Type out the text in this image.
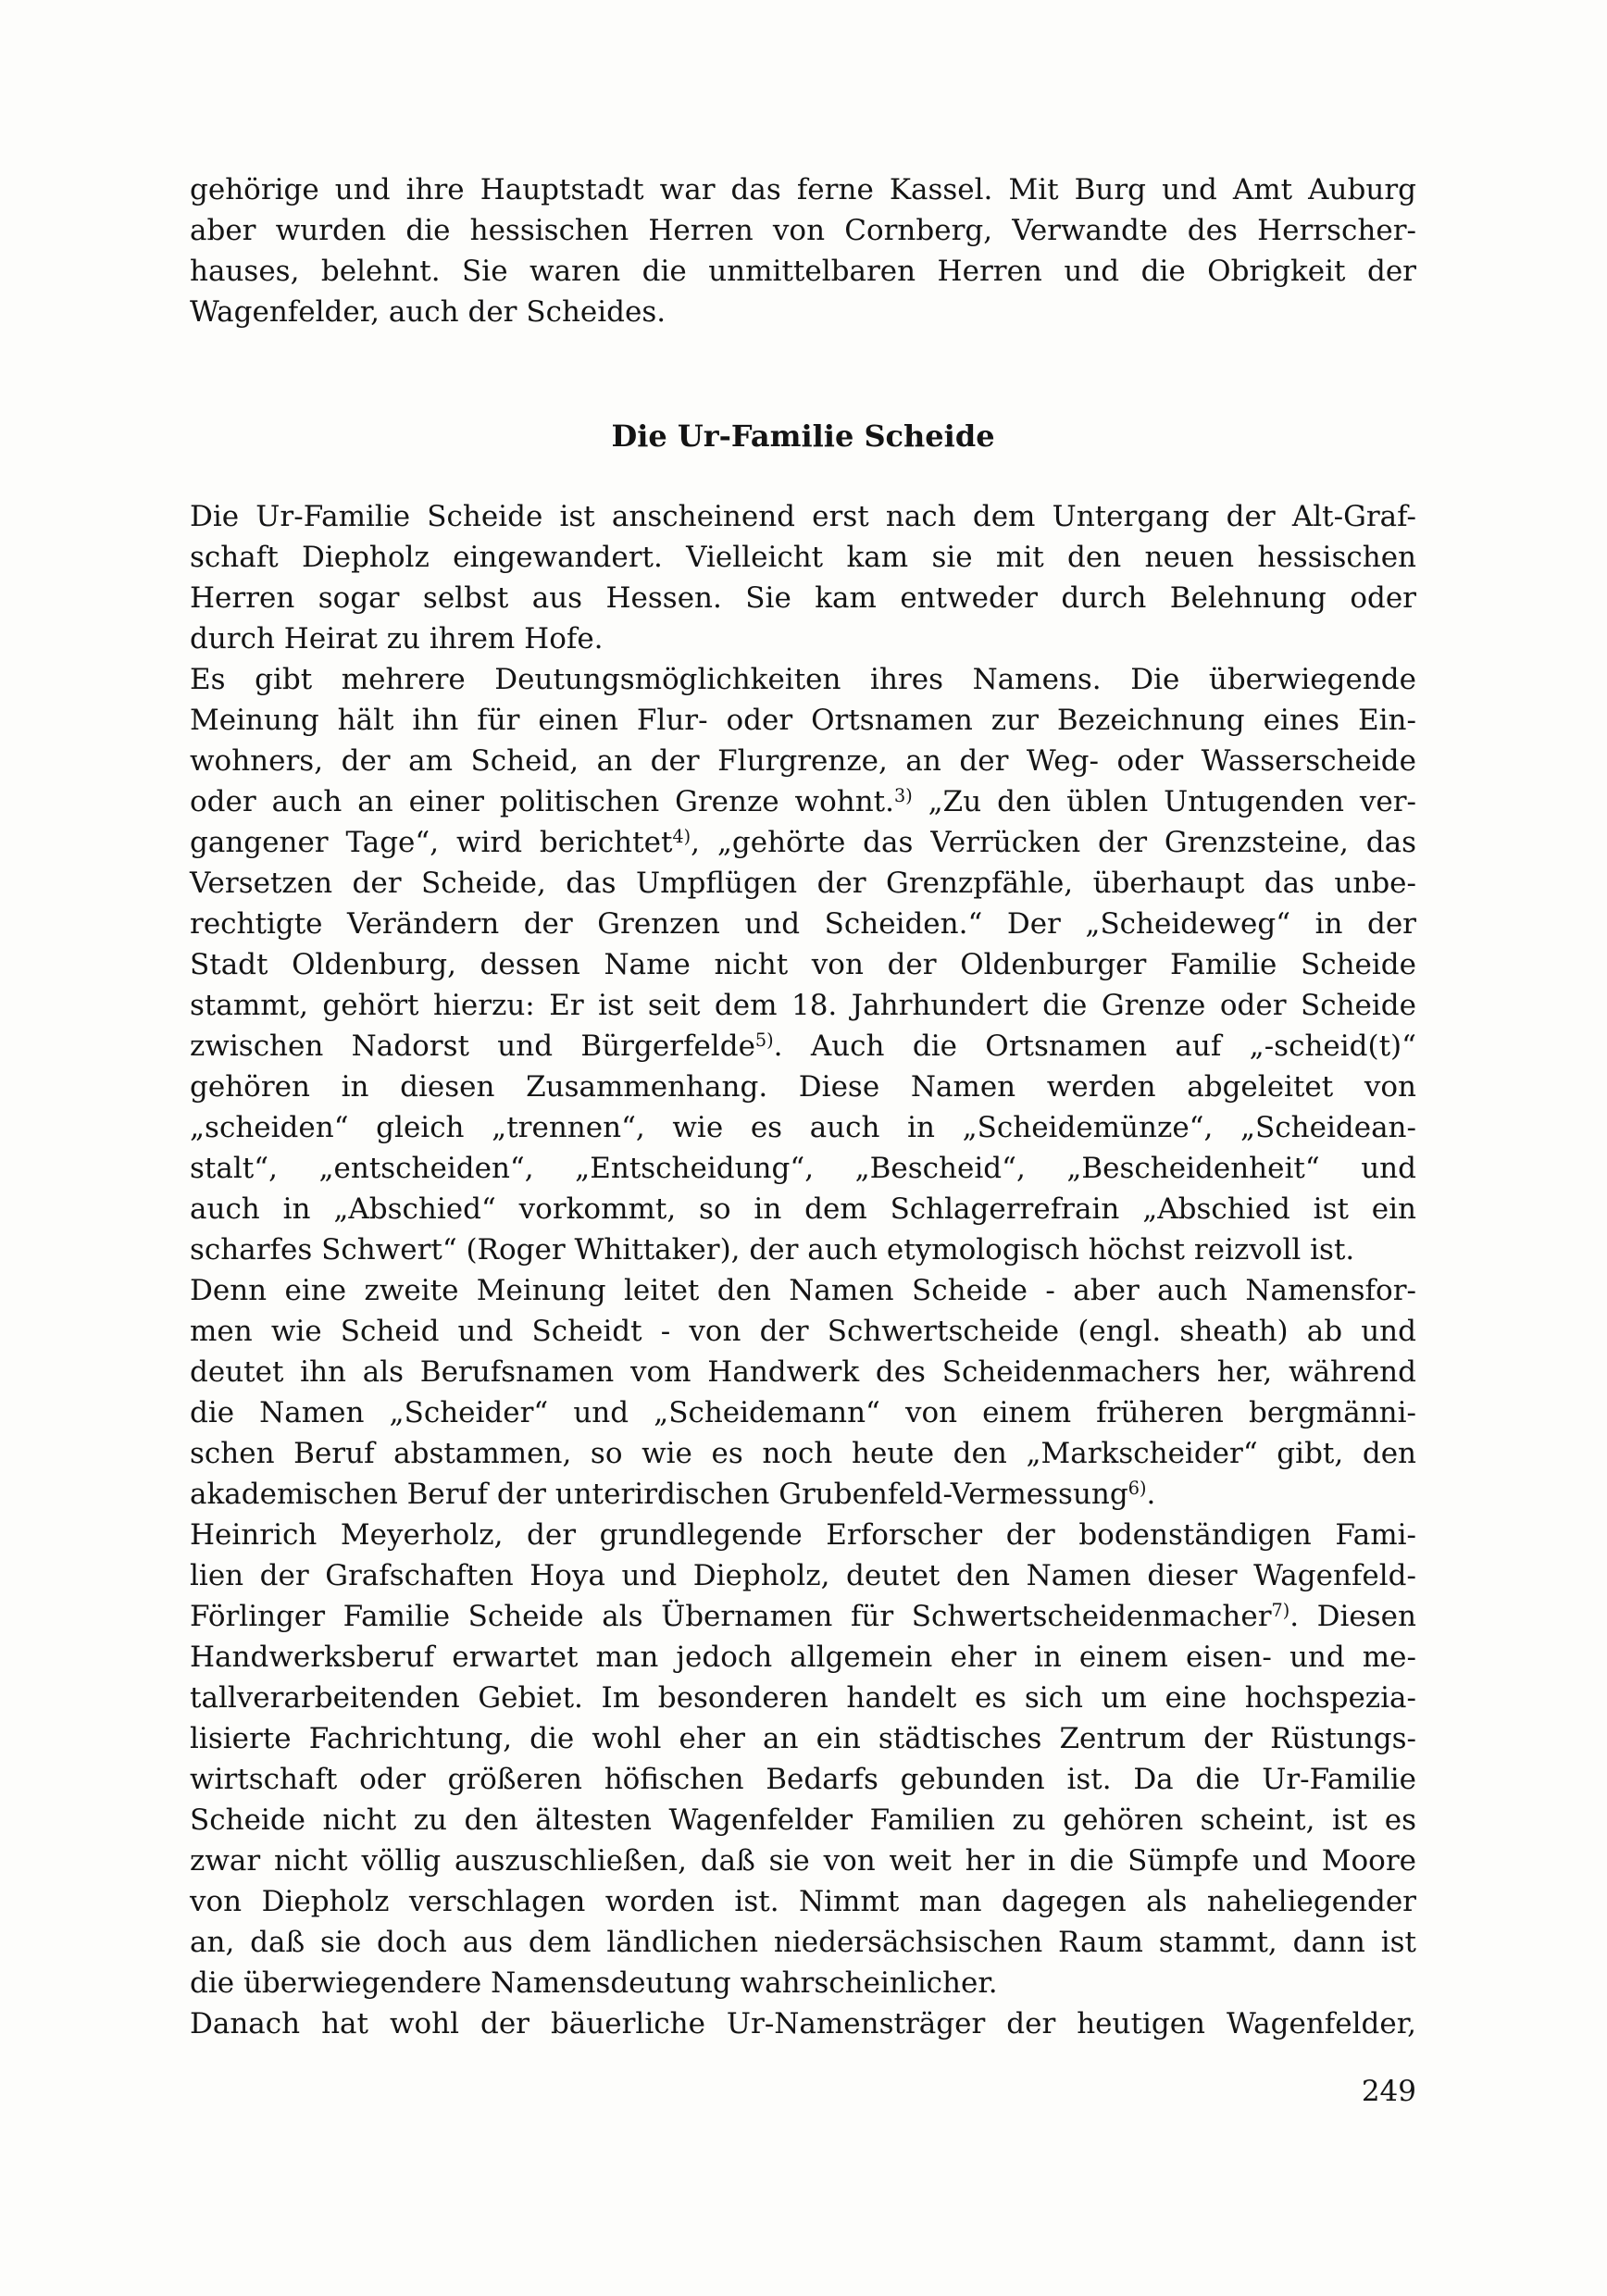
gehörige und ihre Hauptstadt war das ferne Kassel. Mit Burg und Amt Auburg
aber wurden die hessischen Herren von Cornberg, Verwandte des Herrscher-
hauses, belehnt. Sie waren die unmittelbaren Herren und die Obrigkeit der
Wagenfelder, auch der Scheides.
Die Ur-Familie Scheide
Die Ur-Familie Scheide ist anscheinend erst nach dem Untergang der Alt-Graf-
schaft Diepholz eingewandert. Vielleicht kam sie mit den neuen hessischen
Herren sogar selbst aus Hessen. Sie kam entweder durch Belehnung oder
durch Heirat zu ihrem Hofe.
Es gibt mehrere Deutungsmöglichkeiten ihres Namens. Die überwiegende
Meinung hält ihn für einen Flur- oder Ortsnamen zur Bezeichnung eines Ein-
wohners, der am Scheid, an der Flurgrenze, an der Weg- oder Wasserscheide
oder auch an einer politischen Grenze wohnt.$^{3)}$ „Zu den üblen Untugenden ver-
gangener Tage“, wird berichtet$^{4)}$, „gehörte das Verrücken der Grenzsteine, das
Versetzen der Scheide, das Umpflügen der Grenzpfähle, überhaupt das unbe-
rechtigte Verändern der Grenzen und Scheiden.“ Der „Scheideweg“ in der
Stadt Oldenburg, dessen Name nicht von der Oldenburger Familie Scheide
stammt, gehört hierzu: Er ist seit dem 18. Jahrhundert die Grenze oder Scheide
zwischen Nadorst und Bürgerfelde$^{5)}$. Auch die Ortsnamen auf „-scheid(t)“
gehören in diesen Zusammenhang. Diese Namen werden abgeleitet von
„scheiden“ gleich „trennen“, wie es auch in „Scheidemünze“, „Scheidean-
stalt“, „entscheiden“, „Entscheidung“, „Bescheid“, „Bescheidenheit“ und
auch in „Abschied“ vorkommt, so in dem Schlagerrefrain „Abschied ist ein
scharfes Schwert“ (Roger Whittaker), der auch etymologisch höchst reizvoll ist.
Denn eine zweite Meinung leitet den Namen Scheide - aber auch Namensfor-
men wie Scheid und Scheidt - von der Schwertscheide (engl. sheath) ab und
deutet ihn als Berufsnamen vom Handwerk des Scheidenmachers her, während
die Namen „Scheider“ und „Scheidemann“ von einem früheren bergmänni-
schen Beruf abstammen, so wie es noch heute den „Markscheider“ gibt, den
akademischen Beruf der unterirdischen Grubenfeld-Vermessung$^{6)}$.
Heinrich Meyerholz, der grundlegende Erforscher der bodenständigen Fami-
lien der Grafschaften Hoya und Diepholz, deutet den Namen dieser Wagenfeld-
Förlinger Familie Scheide als Übernamen für Schwertscheidenmacher$^{7)}$. Diesen
Handwerksberuf erwartet man jedoch allgemein eher in einem eisen- und me-
tallverarbeitenden Gebiet. Im besonderen handelt es sich um eine hochspezia-
lisierte Fachrichtung, die wohl eher an ein städtisches Zentrum der Rüstungs-
wirtschaft oder größeren höfischen Bedarfs gebunden ist. Da die Ur-Familie
Scheide nicht zu den ältesten Wagenfelder Familien zu gehören scheint, ist es
zwar nicht völlig auszuschließen, daß sie von weit her in die Sümpfe und Moore
von Diepholz verschlagen worden ist. Nimmt man dagegen als naheliegender
an, daß sie doch aus dem ländlichen niedersächsischen Raum stammt, dann ist
die überwiegendere Namensdeutung wahrscheinlicher.
Danach hat wohl der bäuerliche Ur-Namensträger der heutigen Wagenfelder,
249
